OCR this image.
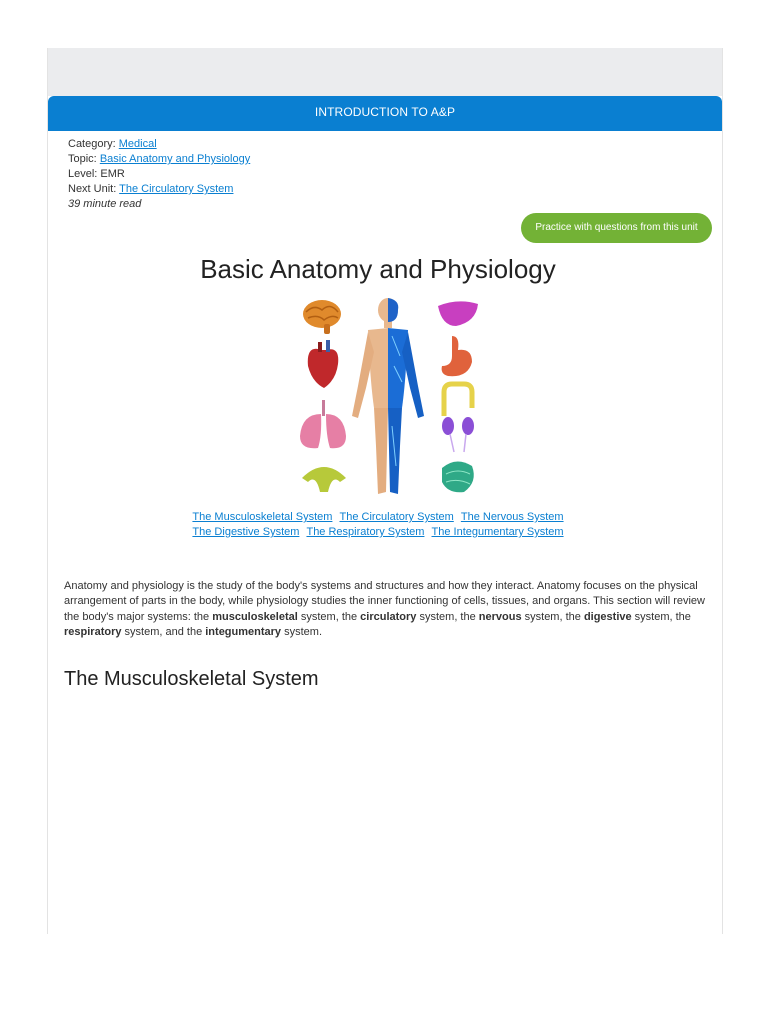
INTRODUCTION TO A&P
Category: Medical
Topic: Basic Anatomy and Physiology
Level: EMR
Next Unit: The Circulatory System
39 minute read
Practice with questions from this unit
Basic Anatomy and Physiology
The Musculoskeletal System The Circulatory System The Nervous System
The Digestive System The Respiratory System The Integumentary System

Anatomy and physiology is the study of the body's systems and structures and how they interact. Anatomy focuses on the physical arrangement of parts in the body, while physiology studies the inner functioning of cells, tissues, and organs. This section will review the body's major systems: the musculoskeletal system, the circulatory system, the nervous system, the digestive system, the respiratory system, and the integumentary system.

The Musculoskeletal System
